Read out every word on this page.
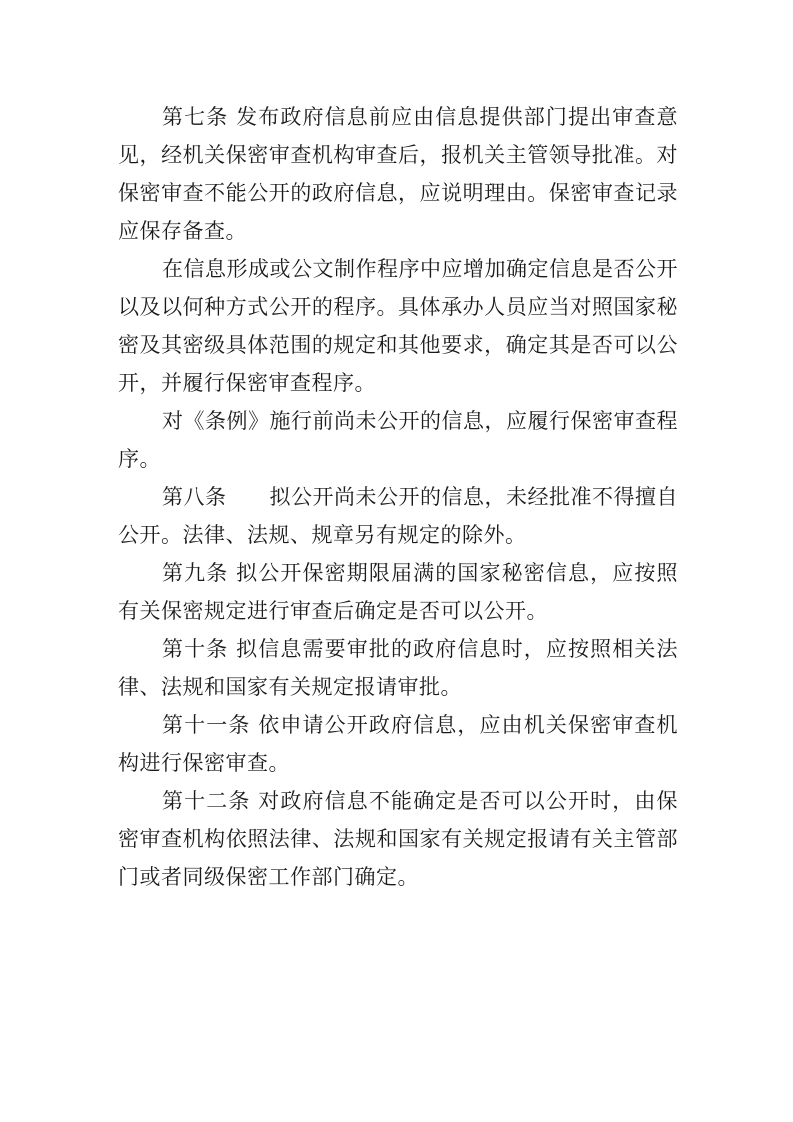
第七条 发布政府信息前应由信息提供部门提出审查意见，经机关保密审查机构审查后，报机关主管领导批准。对保密审查不能公开的政府信息，应说明理由。保密审查记录应保存备查。

在信息形成或公文制作程序中应增加确定信息是否公开以及以何种方式公开的程序。具体承办人员应当对照国家秘密及其密级具体范围的规定和其他要求，确定其是否可以公开，并履行保密审查程序。

对《条例》施行前尚未公开的信息，应履行保密审查程序。

第八条　　拟公开尚未公开的信息，未经批准不得擅自公开。法律、法规、规章另有规定的除外。

第九条 拟公开保密期限届满的国家秘密信息，应按照有关保密规定进行审查后确定是否可以公开。

第十条 拟信息需要审批的政府信息时，应按照相关法律、法规和国家有关规定报请审批。

第十一条 依申请公开政府信息，应由机关保密审查机构进行保密审查。

第十二条 对政府信息不能确定是否可以公开时，由保密审查机构依照法律、法规和国家有关规定报请有关主管部门或者同级保密工作部门确定。
